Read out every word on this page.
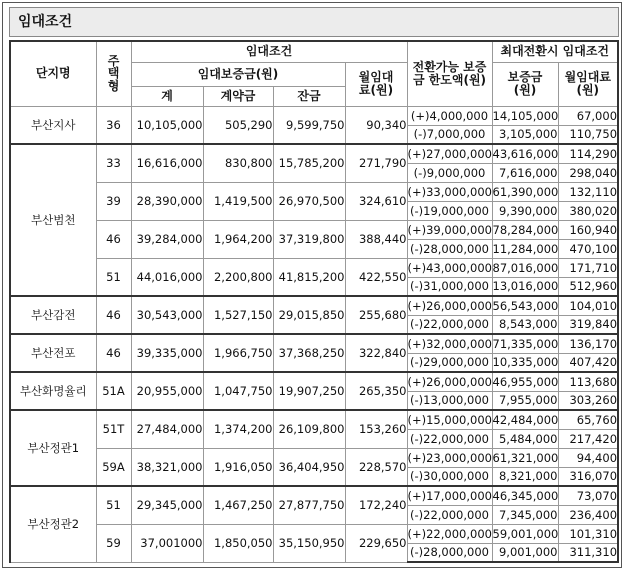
임대조건
단지명	주택형	임대조건				전환가능 보증금 한도액(원)	최대전환시 임대조건	
		임대보증금(원)			월임대료(원)		보증금(원)	월임대료(원)
		계	계약금	잔금				
부산지사	36	10,105,000	505,290	9,599,750	90,340	(+)4,000,000	14,105,000	67,000
						(-)7,000,000	3,105,000	110,750
부산범천	33	16,616,000	830,800	15,785,200	271,790	(+)27,000,000	43,616,000	114,290
						(-)9,000,000	7,616,000	298,040
	39	28,390,000	1,419,500	26,970,500	324,610	(+)33,000,000	61,390,000	132,110
						(-)19,000,000	9,390,000	380,020
	46	39,284,000	1,964,200	37,319,800	388,440	(+)39,000,000	78,284,000	160,940
						(-)28,000,000	11,284,000	470,100
	51	44,016,000	2,200,800	41,815,200	422,550	(+)43,000,000	87,016,000	171,710
						(-)31,000,000	13,016,000	512,960
부산감전	46	30,543,000	1,527,150	29,015,850	255,680	(+)26,000,000	56,543,000	104,010
						(-)22,000,000	8,543,000	319,840
부산전포	46	39,335,000	1,966,750	37,368,250	322,840	(+)32,000,000	71,335,000	136,170
						(-)29,000,000	10,335,000	407,420
부산화명율리	51A	20,955,000	1,047,750	19,907,250	265,350	(+)26,000,000	46,955,000	113,680
						(-)13,000,000	7,955,000	303,260
부산정관1	51T	27,484,000	1,374,200	26,109,800	153,260	(+)15,000,000	42,484,000	65,760
						(-)22,000,000	5,484,000	217,420
	59A	38,321,000	1,916,050	36,404,950	228,570	(+)23,000,000	61,321,000	94,400
						(-)30,000,000	8,321,000	316,070
부산정관2	51	29,345,000	1,467,250	27,877,750	172,240	(+)17,000,000	46,345,000	73,070
						(-)22,000,000	7,345,000	236,400
	59	37,001000	1,850,050	35,150,950	229,650	(+)22,000,000	59,001,000	101,310
						(-)28,000,000	9,001,000	311,310
